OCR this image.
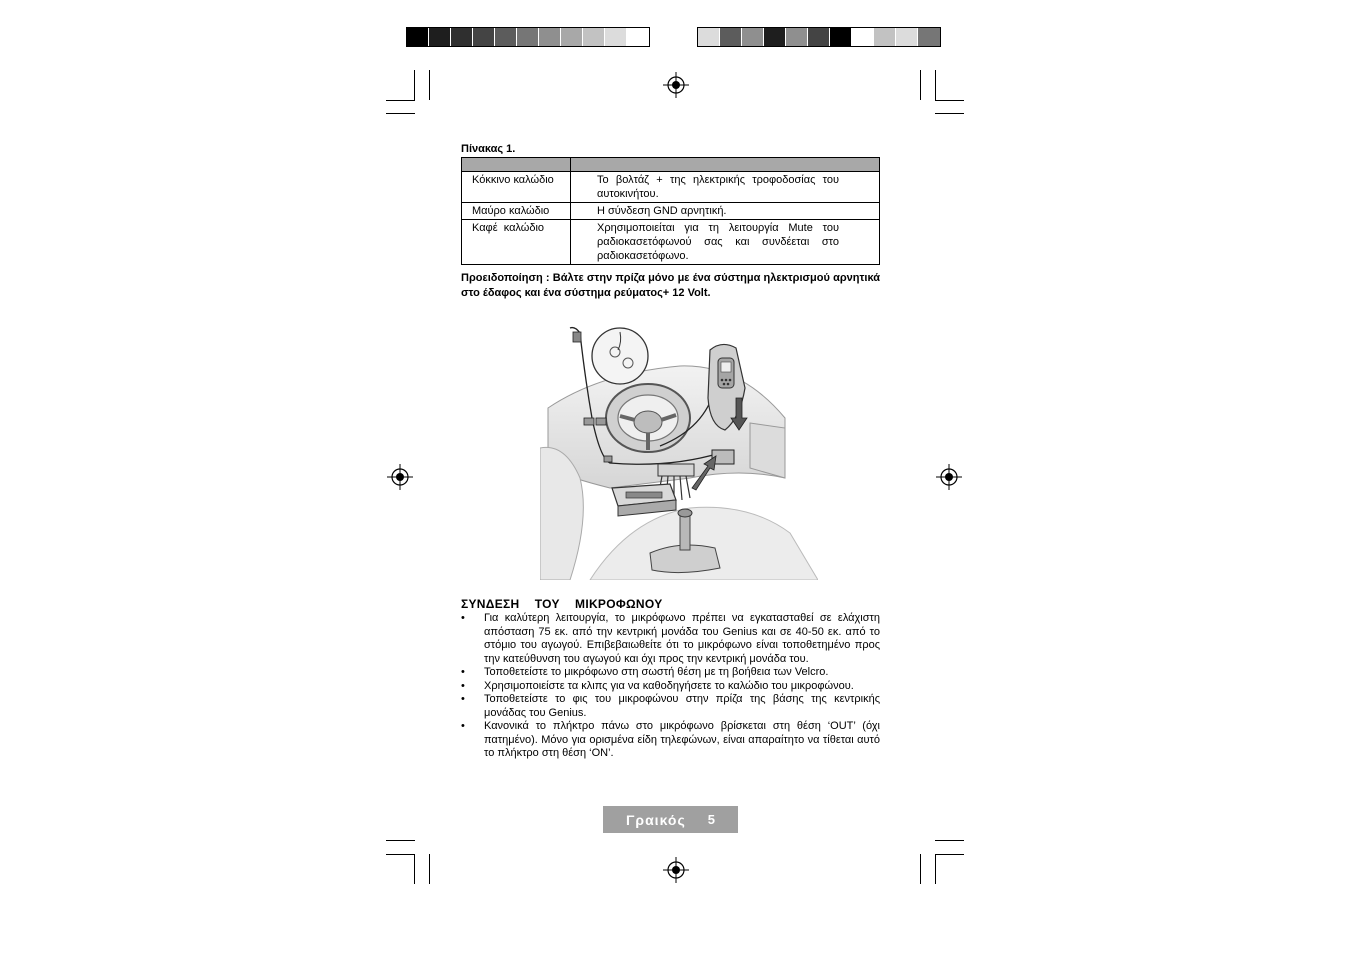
Πίνακας 1.

Κόκκινο καλώδιο	Το βολτάζ + της ηλεκτρικής τροφοδοσίας του αυτοκινήτου.
Μαύρο καλώδιο	Η σύνδεση GND αρνητική.
Καφέ  καλώδιο	Χρησιμοποιείται για τη λειτουργία Mute του ραδιοκασετόφωνού σας και συνδέεται στο ραδιοκασετόφωνο.
Προειδοποίηση : Βάλτε στην πρίζα μόνο με ένα σύστημα ηλεκτρισμού αρνητικά στο έδαφος και ένα σύστημα ρεύματος+ 12 Volt.
ΣΥΝΔΕΣΗ  ΤΟΥ  ΜΙΚΡΟΦΩΝΟΥ
• Για καλύτερη λειτουργία, το μικρόφωνο πρέπει να εγκατασταθεί σε ελάχιστη απόσταση 75 εκ. από την κεντρική μονάδα του Genius και σε 40-50 εκ. από το στόμιο του αγωγού. Επιβεβαιωθείτε ότι το μικρόφωνο είναι τοποθετημένο προς την κατεύθυνση του αγωγού και όχι προς την κεντρική μονάδα του.
• Τοποθετείστε το μικρόφωνο στη σωστή θέση με τη βοήθεια των Velcro.
• Χρησιμοποιείστε τα κλιπς για να καθοδηγήσετε το καλώδιο του μικροφώνου.
• Τοποθετείστε το φις του μικροφώνου στην πρίζα της βάσης της κεντρικής μονάδας του Genius.
• Κανονικά το πλήκτρο πάνω στο μικρόφωνο βρίσκεται στη θέση ‘OUT’ (όχι πατημένο). Μόνο για ορισμένα είδη τηλεφώνων, είναι απαραίτητο να τίθεται αυτό το πλήκτρο στη θέση ‘ON’.
Γραικός 5
